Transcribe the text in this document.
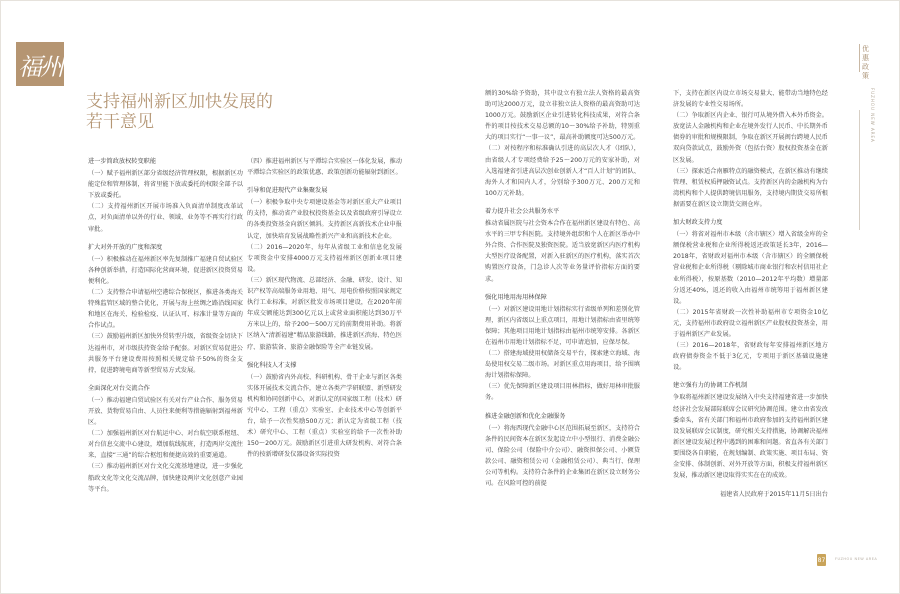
福州
支持福州新区加快发展的
若干意见

进一步简政放权转变职能

（一）赋予福州新区部分省级经济管理权限，根据新区功能定位和管理体制，将省里能下放或委托的权限全部予以下放或委托。

（二）支持福州新区开展市场准入负面清单制度改革试点，对负面清单以外的行业、领域、业务等不再实行行政审批。

扩大对外开放的广度和深度

（一）积极推动在福州新区率先复制推广福建自贸试验区各种创新举措，打造国际化营商环境，促进新区投资贸易便利化。

（二）支持整合申请福州空港综合保税区，推进各类海关特殊监管区域的整合优化，开展与海上丝绸之路沿线国家和地区在海关、检验检疫、认证认可、标准计量等方面的合作试点。

（三）鼓励福州新区加快外贸转型升级，省级资金切块下达福州市，对市级扶持资金给予配套。对新区贸易促进公共服务平台建设费用按照相关规定给予50%的资金支持，促进跨境电商等新型贸易方式发展。

全面深化对台交流合作

（一）推动福建自贸试验区有关对台产业合作、服务贸易开放、货物贸易自由、人员往来便利等措施辐射到福州新区。

（二）加强福州新区对台航运中心、对台航空联系枢纽、对台信息交流中心建设，增加航线航班，打造两岸交流往来，直接“三通”的综合枢纽和便捷高效的重要通道。

（三）推动福州新区对台文化交流基地建设，进一步强化船政文化等文化交流品牌，加快建设两岸文化创意产业园等平台。

（四）推进福州新区与平潭综合实验区一体化发展，推动平潭综合实验区的政策优惠、政策创新功能辐射到新区。

引导和促进现代产业集聚发展

（一）积极争取中央专项建设基金等对新区重大产业项目的支持，推动省产业股权投资基金以及省级政府引导设立的各类投资基金向新区倾斜。支持新区高新技术企业申报认定，加快培育发展战略性新兴产业和高新技术企业。

（二）2016—2020年，每年从省级工业和信息化发展专项资金中安排4000万元支持福州新区创新业项目建设。

（三）新区现代物流、总部经济、金融、研发、设计、知识产权等高端服务业用地、用气、用电价格按照国家规定执行工业标准，对新区批发市场项目建设，在2020年前年成交额能达到300亿元以上或营业面积能达到30万平方米以上的，给予200～500万元的前期费用补助。将新区纳入“清新福建”精品旅游线路，推进新区滨海、特色医疗、旅游装备、旅游金融保险等全产业链发展。

强化科技人才支撑

（一）鼓励省内外高校、科研机构、骨干企业与新区各类实体开展技术交流合作，建立各类产学研联盟、新型研发机构和协同创新中心，对新认定的国家级工程（技术）研究中心、工程（重点）实验室、企业技术中心等创新平台，给予一次性奖励500万元；新认定为省级工程（技术）研究中心、工程（重点）实验室的给予一次性补助150～200万元。鼓励新区引进重大研发机构、对符合条件的按新增研发仪器设备实际投资

额的30%给予资助，其中设立有独立法人资格的最高资助可达2000万元，设立非独立法人资格的最高资助可达1000万元。鼓励新区企业引进转化科技成果，对符合条件的项目按技术交易总额的10～30%给予补助，特别重大的项目实行“一事一议”，最高补助额度可达500万元。

（二）对按程序和标准确认引进的高层次人才（团队），由省级人才专项经费给予25～200万元的安家补助，对入选福建省引进高层次创业创新人才“百人计划”的团队、海外人才和国内人才，分别给予300万元、200万元和100万元补助。

着力提升社会公共服务水平

推动省属医院与社会资本合作在福州新区建设有特色、高水平的三甲专科医院。支持境外组织和个人在新区举办中外合资、合作医院及独资医院。适当放宽新区内医疗机构大型医疗设备配置，对新入驻新区的医疗机构，落实首次购置医疗设备，门急诊人次等业务量评价指标方面的要求。

强化用地用海用林保障

（一）对新区建设用地计划指标实行省级单列和差别化管理，新区内省级以上重点项目，用地计划指标由省里统筹保障；其他项目用地计划指标由福州市统筹安排。各新区在福州市用地计划指标不足，可申请追加，应保尽保。

（二）搭建海域使用权储备交易平台，探索建立海域、海岛使用权交易二级市场。对新区重点用海项目，给予围填海计划指标保障。

（三）优先保障新区建设项目用林指标，做好用林审批服务。

推进金融创新和优化金融服务

（一）将海西现代金融中心区范围拓展至新区，支持符合条件的民间资本在新区发起设立中小型银行、消费金融公司、保险公司（保险中介公司）、融资担保公司、小额贷款公司、融资租赁公司（金融租赁公司）、典当行、保理公司等机构。支持符合条件的企业集团在新区设立财务公司。在风险可控的前提

下，支持在新区内设立市场交易量大、能带动当地特色经济发展的专业性交易场所。

（二）争取新区内企业、银行可从境外借入本外币资金。放宽法人金融机构和企业在境外发行人民币、中长期外币债券的审批和规模限制，争取在新区开展闽台跨境人民币双向贷款试点，鼓励外资（包括台资）股权投资基金在新区发展。

（三）探索适合南雁特点的融资模式，在新区推动有继续管理、租赁权质押融资试点。支持新区内的金融机构为台湾机构和个人提供跨境信用服务，支持境内期货交易所根据需要在新区设立期货交割仓库。

加大财政支持力度

（一）将省对福州市本级（含市辖区）增入省级金库的全额保税营业税和企业所得税返还政策延长3年，2016—2018年，省财政对福州市本级（含市辖区）的全额保税营业税和企业所得税（剔除城市商业银行和农村信用社企业所得税），按原基数（2010—2012年平均数）增量部分返还40%，返还的收入由福州市统筹用于福州新区建设。

（二）2015年省财政一次性补助福州市专项资金10亿元，支持福州市政府设立福州新区产业股权投资基金，用于福州新区产业发展。

（三）2016—2018年，省财政每年安排福州新区地方政府债券资金不低于3亿元，专项用于新区基础设施建设。

建立强有力的协调工作机制

争取将福州新区建设发展纳入中央支持福建省进一步加快经济社会发展部际联席会议研究协调范围。建立由省发改委牵头，省有关部门和福州市政府参加的支持福州新区建设发展联席会议制度，研究相关支持措施，协调解决福州新区建设发展过程中遇到的困难和问题。省直各有关部门要围绕各自职能，在规划编制、政策实施、项目布局、资金安排、体制创新、对外开放等方面，积极支持福州新区发展，推动新区建设取得实实在在的成效。

福建省人民政府于2015年11月5日出台

优惠政策
FUZHOU NEW AREA
87	FUZHOU NEW AREA
